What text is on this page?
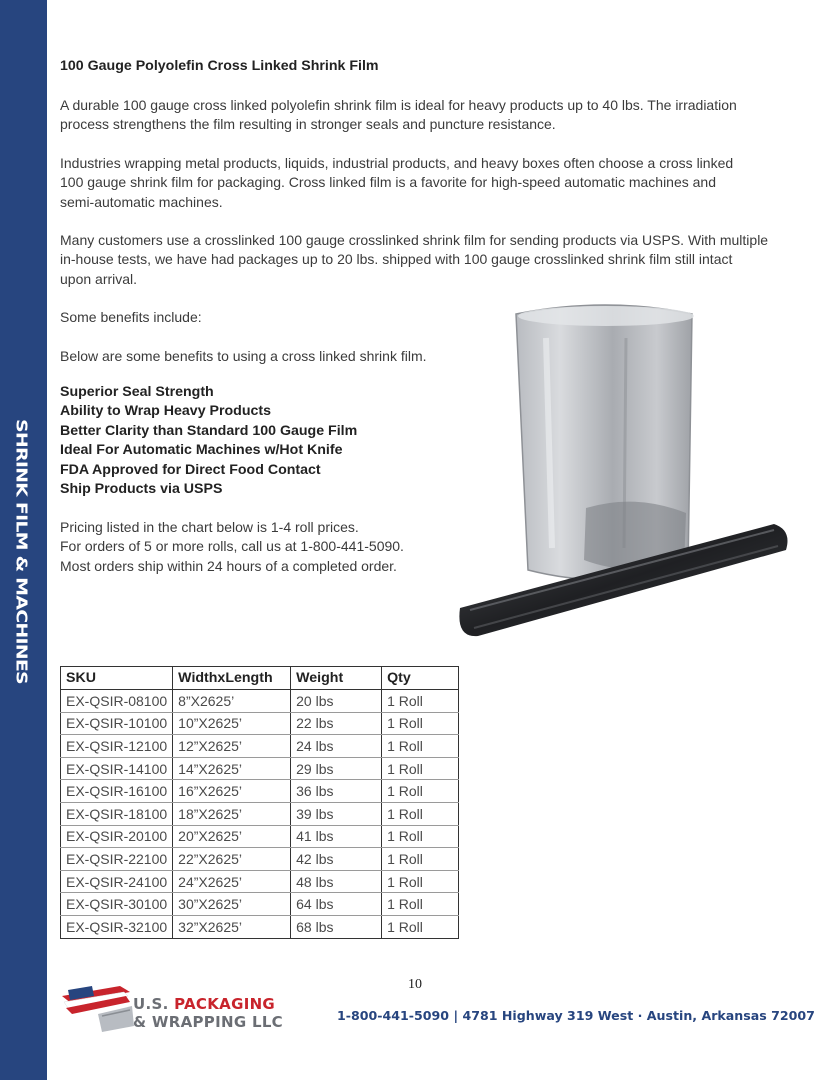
SHRINK FILM & MACHINES
100 Gauge Polyolefin Cross Linked Shrink Film
A durable 100 gauge cross linked polyolefin shrink film is ideal for heavy products up to 40 lbs. The irradiation
process strengthens the film resulting in stronger seals and puncture resistance.
Industries wrapping metal products, liquids, industrial products, and heavy boxes often choose a cross linked
100 gauge shrink film for packaging. Cross linked film is a favorite for high-speed automatic machines and
semi-automatic machines.
Many customers use a crosslinked 100 gauge crosslinked shrink film for sending products via USPS. With multiple
in-house tests, we have had packages up to 20 lbs. shipped with 100 gauge crosslinked shrink film still intact
upon arrival.
Some benefits include:
Below are some benefits to using a cross linked shrink film.
Superior Seal Strength
Ability to Wrap Heavy Products
Better Clarity than Standard 100 Gauge Film
Ideal For Automatic Machines w/Hot Knife
FDA Approved for Direct Food Contact
Ship Products via USPS
Pricing listed in the chart below is 1-4 roll prices.
For orders of 5 or more rolls, call us at 1-800-441-5090.
Most orders ship within 24 hours of a completed order.
SKU	WidthxLength	Weight	Qty
EX-QSIR-08100	8”X2625’	20 lbs	1 Roll
EX-QSIR-10100	10”X2625’	22 lbs	1 Roll
EX-QSIR-12100	12”X2625’	24 lbs	1 Roll
EX-QSIR-14100	14”X2625’	29 lbs	1 Roll
EX-QSIR-16100	16”X2625’	36 lbs	1 Roll
EX-QSIR-18100	18”X2625’	39 lbs	1 Roll
EX-QSIR-20100	20”X2625’	41 lbs	1 Roll
EX-QSIR-22100	22”X2625’	42 lbs	1 Roll
EX-QSIR-24100	24”X2625’	48 lbs	1 Roll
EX-QSIR-30100	30”X2625’	64 lbs	1 Roll
EX-QSIR-32100	32”X2625’	68 lbs	1 Roll
10
U.S. PACKAGING
& WRAPPING LLC	1-800-441-5090 | 4781 Highway 319 West · Austin, Arkansas 72007
